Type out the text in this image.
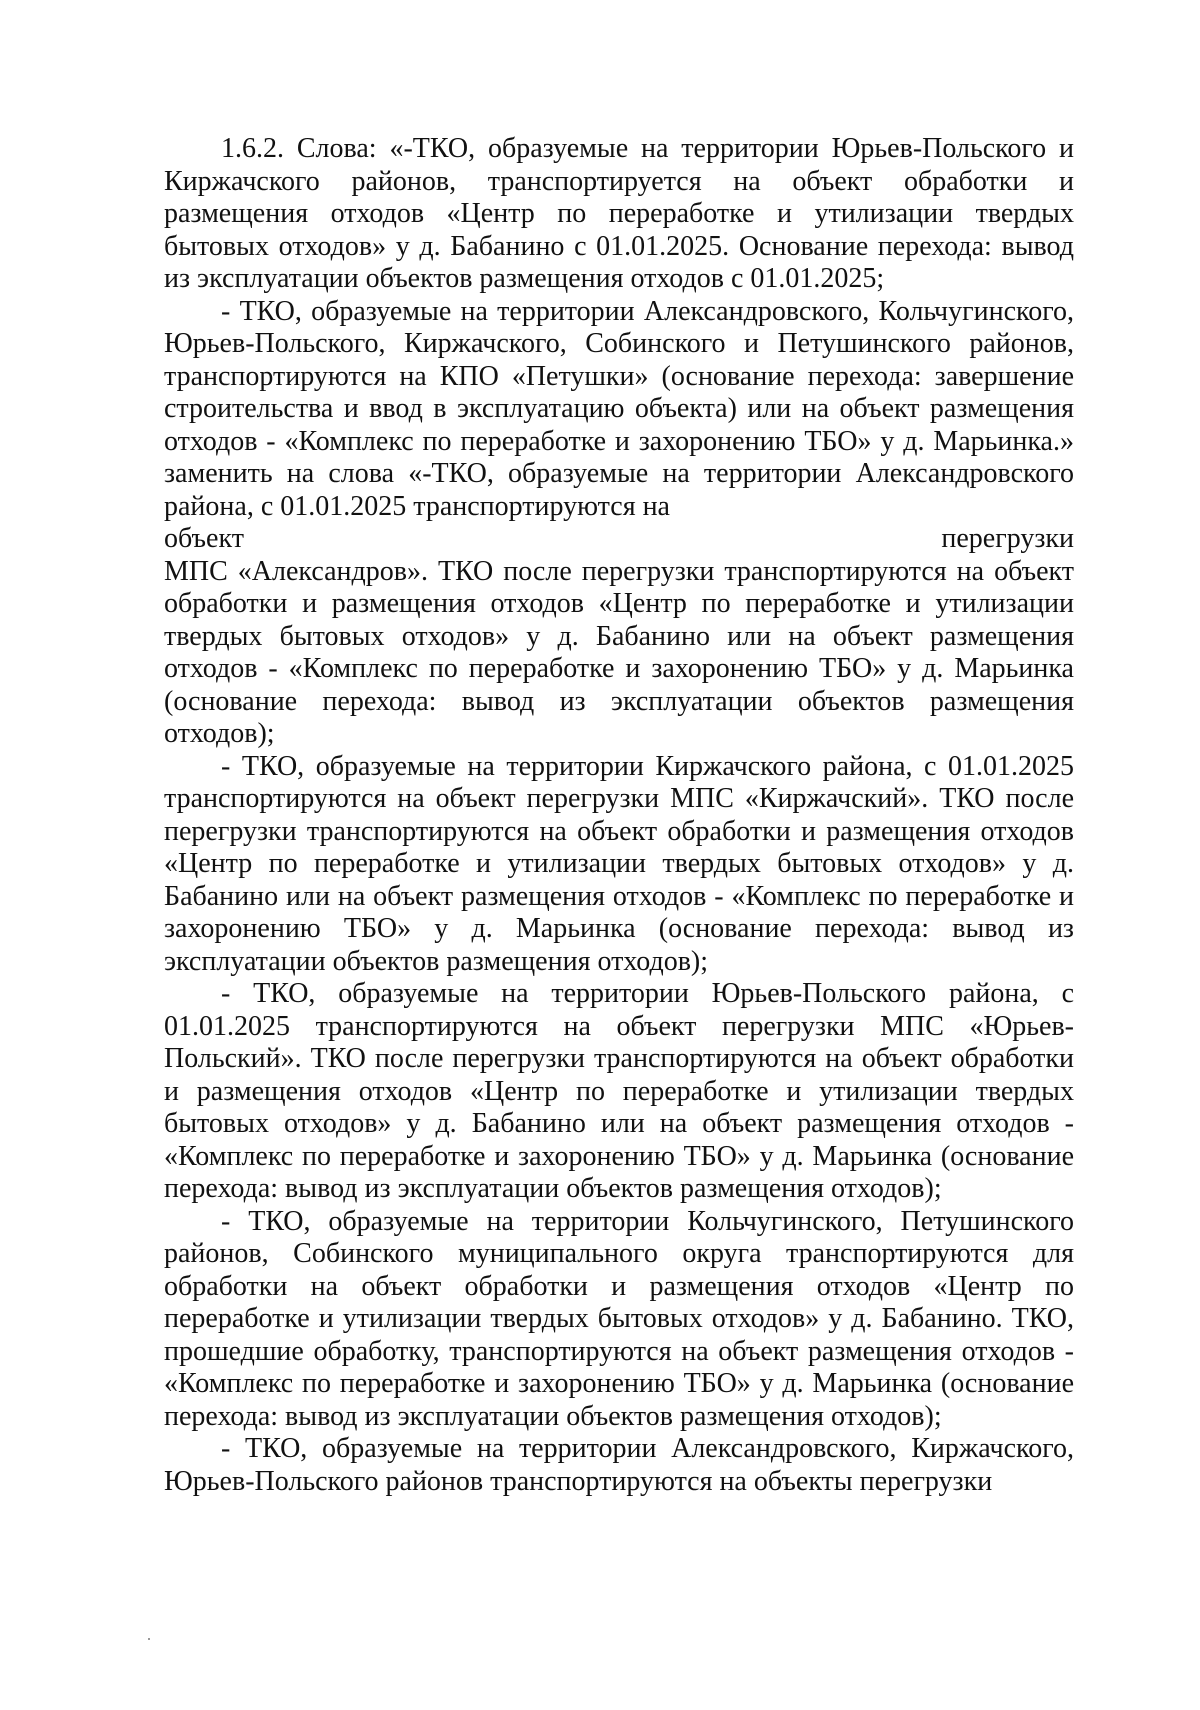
1.6.2. Слова: «-ТКО, образуемые на территории Юрьев-Польского и Киржачского районов, транспортируется на объект обработки и размещения отходов «Центр по переработке и утилизации твердых бытовых отходов» у д. Бабанино с 01.01.2025. Основание перехода: вывод из эксплуатации объектов размещения отходов с 01.01.2025;

- ТКО, образуемые на территории Александровского, Кольчугинского, Юрьев-Польского, Киржачского, Собинского и Петушинского районов, транспортируются на КПО «Петушки» (основание перехода: завершение строительства и ввод в эксплуатацию объекта) или на объект размещения отходов - «Комплекс по переработке и захоронению ТБО» у д. Марьинка.» заменить на слова «-ТКО, образуемые на территории Александровского района, с 01.01.2025 транспортируются на

объект	перегрузки

МПС «Александров». ТКО после перегрузки транспортируются на объект обработки и размещения отходов «Центр по переработке и утилизации твердых бытовых отходов» у д. Бабанино или на объект размещения отходов - «Комплекс по переработке и захоронению ТБО» у д. Марьинка (основание перехода: вывод из эксплуатации объектов размещения отходов);

- ТКО, образуемые на территории Киржачского района, с 01.01.2025 транспортируются на объект перегрузки МПС «Киржачский». ТКО после перегрузки транспортируются на объект обработки и размещения отходов «Центр по переработке и утилизации твердых бытовых отходов» у д. Бабанино или на объект размещения отходов - «Комплекс по переработке и захоронению ТБО» у д. Марьинка (основание перехода: вывод из эксплуатации объектов размещения отходов);

- ТКО, образуемые на территории Юрьев-Польского района, с 01.01.2025 транспортируются на объект перегрузки МПС «Юрьев-Польский». ТКО после перегрузки транспортируются на объект обработки и размещения отходов «Центр по переработке и утилизации твердых бытовых отходов» у д. Бабанино или на объект размещения отходов - «Комплекс по переработке и захоронению ТБО» у д. Марьинка (основание перехода: вывод из эксплуатации объектов размещения отходов);

- ТКО, образуемые на территории Кольчугинского, Петушинского районов, Собинского муниципального округа транспортируются для обработки на объект обработки и размещения отходов «Центр по переработке и утилизации твердых бытовых отходов» у д. Бабанино. ТКО, прошедшие обработку, транспортируются на объект размещения отходов - «Комплекс по переработке и захоронению ТБО» у д. Марьинка (основание перехода: вывод из эксплуатации объектов размещения отходов);

- ТКО, образуемые на территории Александровского, Киржачского, Юрьев-Польского районов транспортируются на объекты перегрузки
